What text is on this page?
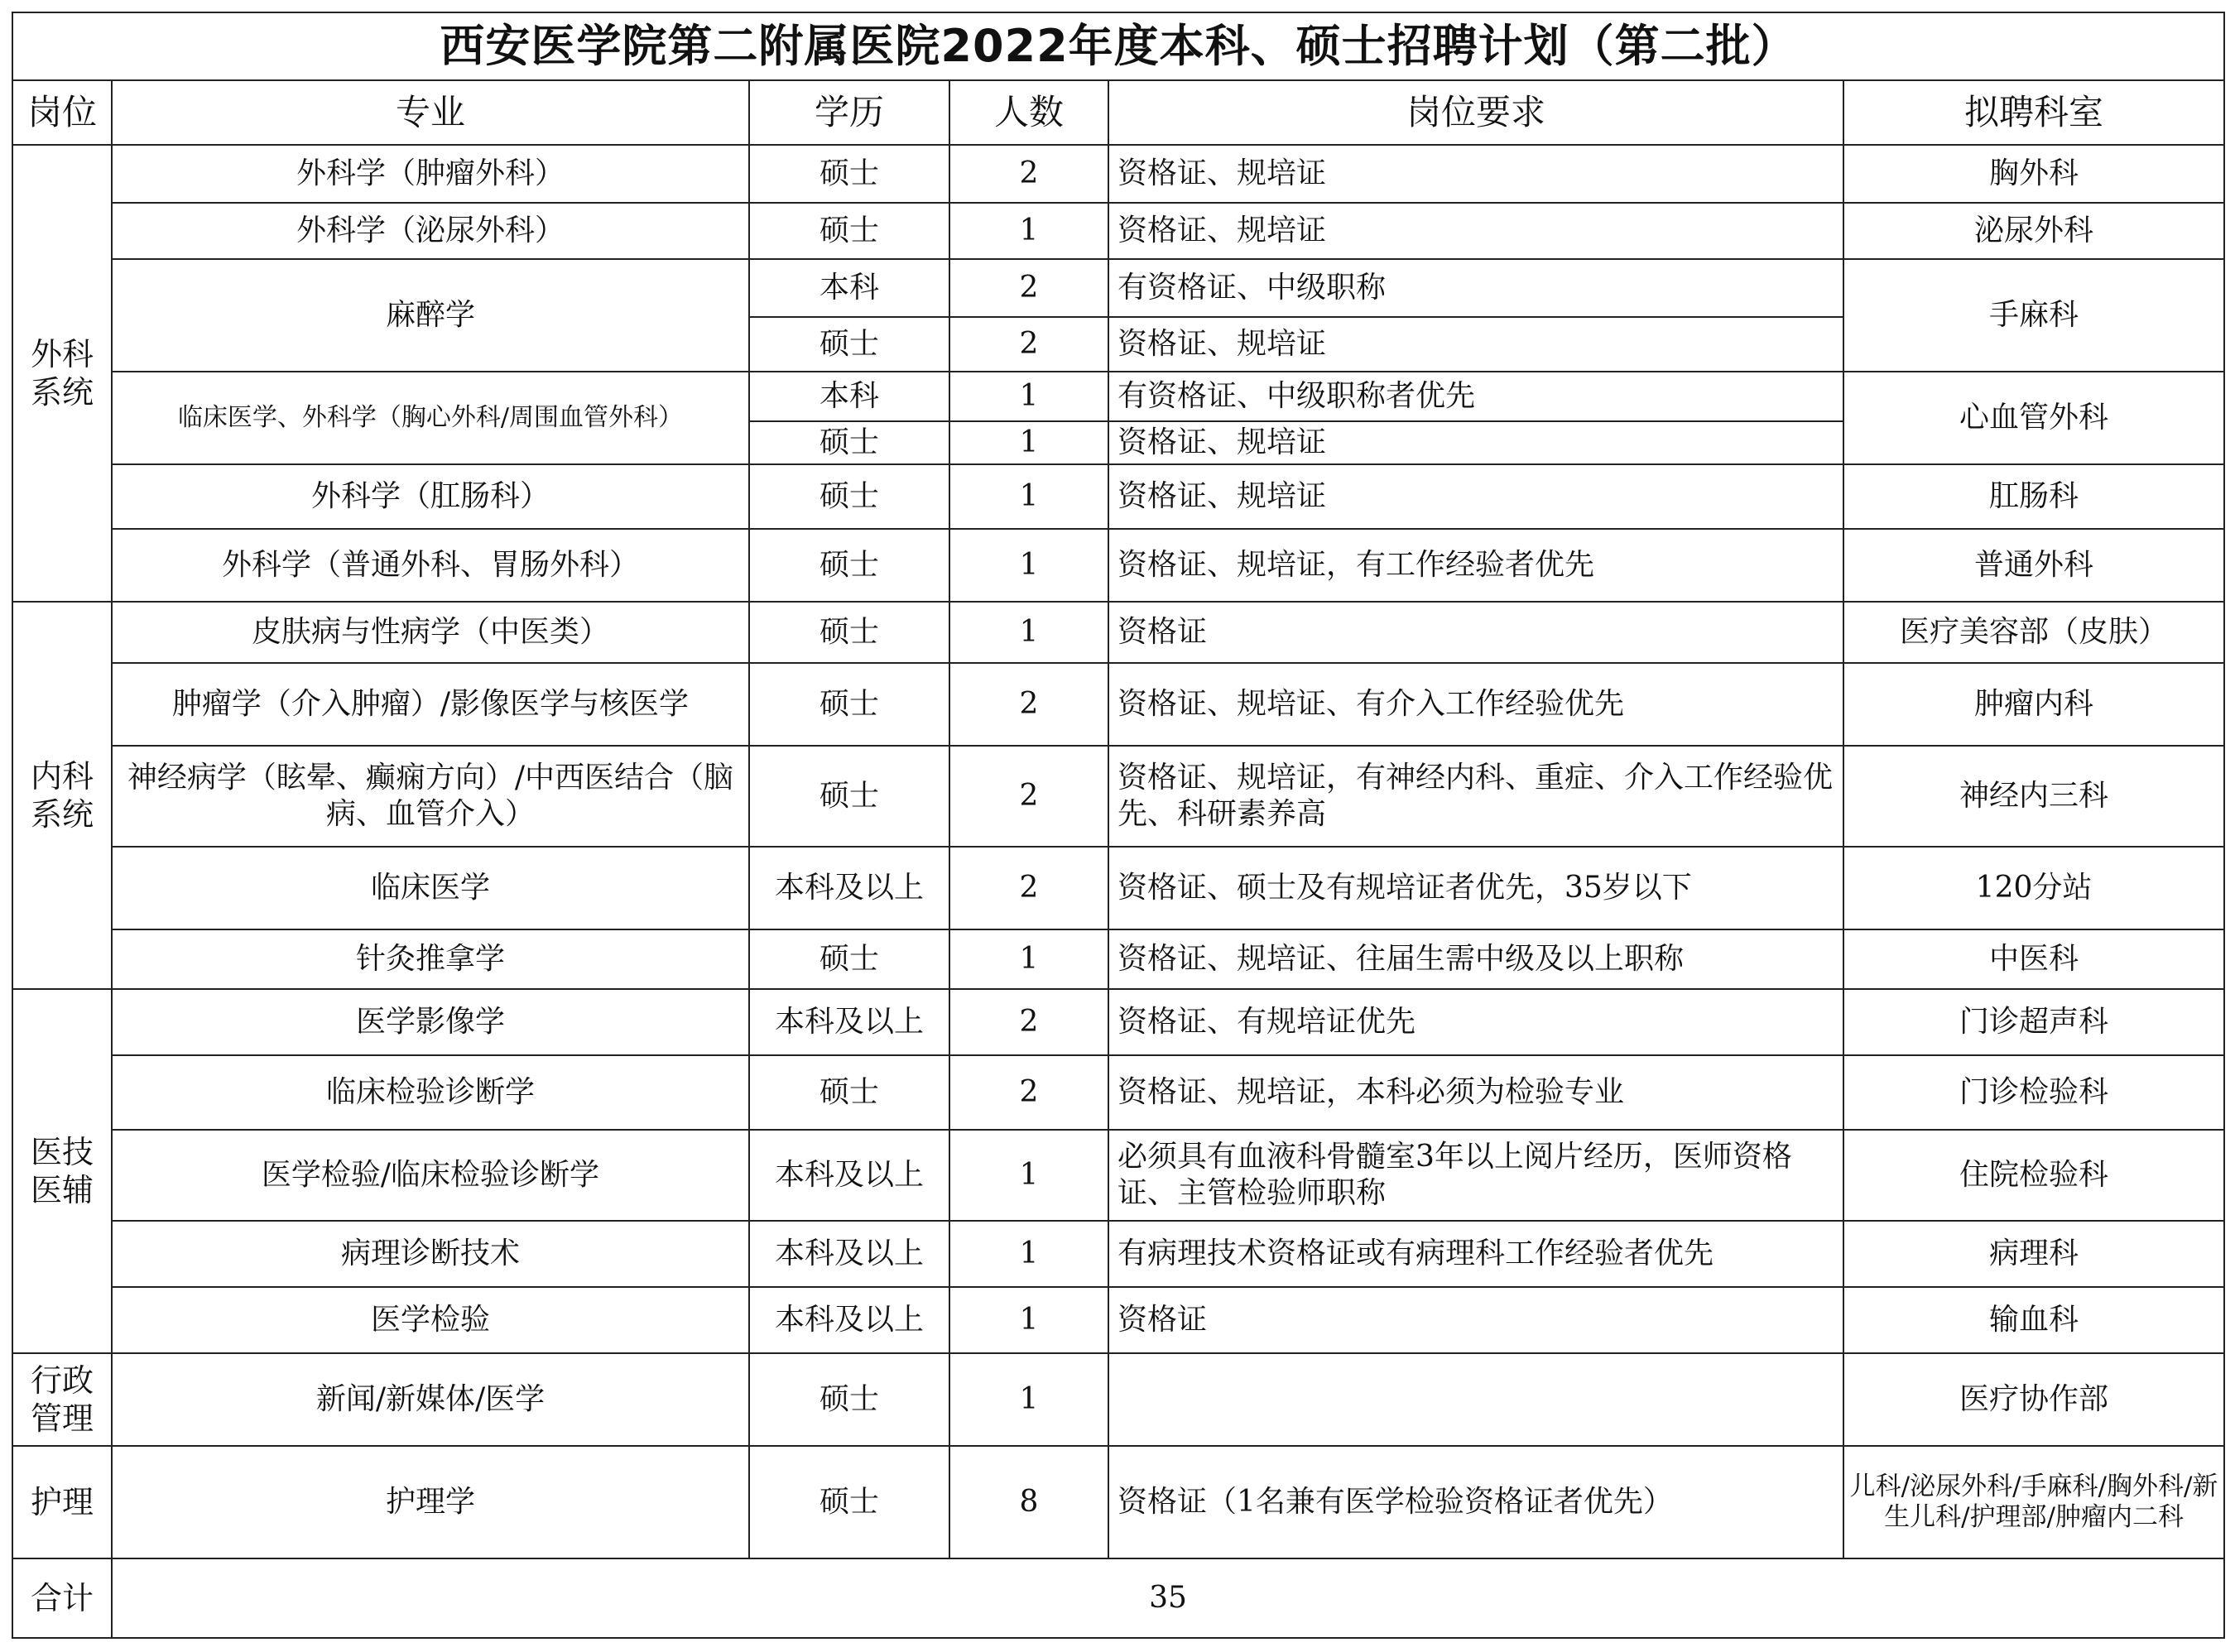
西安医学院第二附属医院2022年度本科、硕士招聘计划（第二批）					
岗位	专业	学历	人数	岗位要求	拟聘科室
外科系统	外科学（肿瘤外科）	硕士	2	资格证、规培证	胸外科
	外科学（泌尿外科）	硕士	1	资格证、规培证	泌尿外科
	麻醉学	本科	2	有资格证、中级职称	手麻科
		硕士	2	资格证、规培证	
	临床医学、外科学（胸心外科/周围血管外科）	本科	1	有资格证、中级职称者优先	心血管外科
		硕士	1	资格证、规培证	
	外科学（肛肠科）	硕士	1	资格证、规培证	肛肠科
	外科学（普通外科、胃肠外科）	硕士	1	资格证、规培证，有工作经验者优先	普通外科
内科系统	皮肤病与性病学（中医类）	硕士	1	资格证	医疗美容部（皮肤）
	肿瘤学（介入肿瘤）/影像医学与核医学	硕士	2	资格证、规培证、有介入工作经验优先	肿瘤内科
	神经病学（眩晕、癫痫方向）/中西医结合（脑病、血管介入）	硕士	2	资格证、规培证，有神经内科、重症、介入工作经验优先、科研素养高	神经内三科
	临床医学	本科及以上	2	资格证、硕士及有规培证者优先，35岁以下	120分站
	针灸推拿学	硕士	1	资格证、规培证、往届生需中级及以上职称	中医科
医技医辅	医学影像学	本科及以上	2	资格证、有规培证优先	门诊超声科
	临床检验诊断学	硕士	2	资格证、规培证，本科必须为检验专业	门诊检验科
	医学检验/临床检验诊断学	本科及以上	1	必须具有血液科骨髓室3年以上阅片经历，医师资格证、主管检验师职称	住院检验科
	病理诊断技术	本科及以上	1	有病理技术资格证或有病理科工作经验者优先	病理科
	医学检验	本科及以上	1	资格证	输血科
行政管理	新闻/新媒体/医学	硕士	1		医疗协作部
护理	护理学	硕士	8	资格证（1名兼有医学检验资格证者优先）	儿科/泌尿外科/手麻科/胸外科/新生儿科/护理部/肿瘤内二科
合计	35				
